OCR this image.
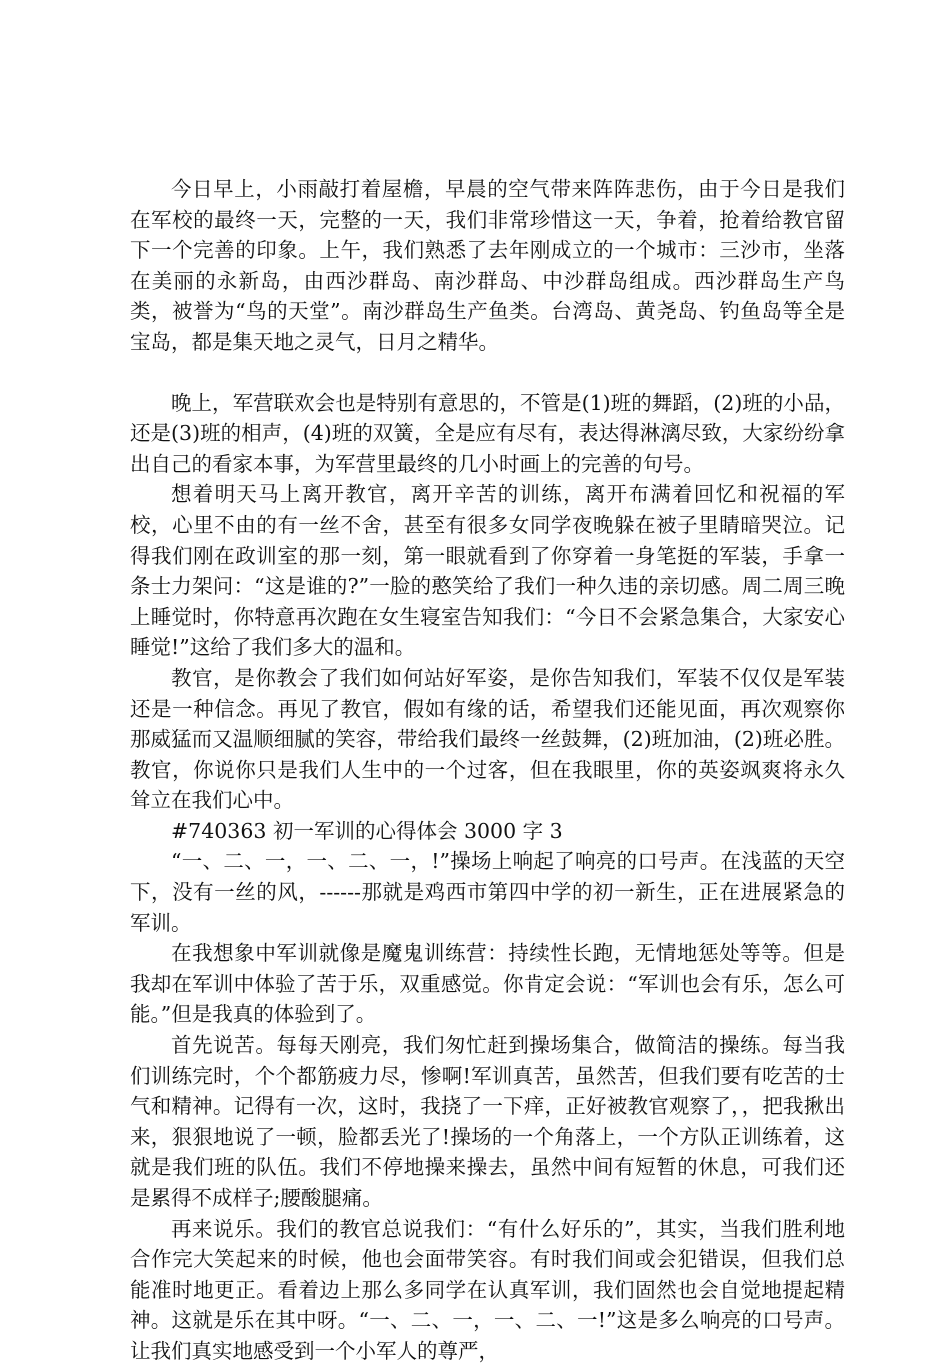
今日早上，小雨敲打着屋檐，早晨的空气带来阵阵悲伤，由于今日是我们在军校的最终一天，完整的一天，我们非常珍惜这一天，争着，抢着给教官留下一个完善的印象。上午，我们熟悉了去年刚成立的一个城市：三沙市，坐落在美丽的永新岛，由西沙群岛、南沙群岛、中沙群岛组成。西沙群岛生产鸟类，被誉为“鸟的天堂”。南沙群岛生产鱼类。台湾岛、黄尧岛、钓鱼岛等全是宝岛，都是集天地之灵气，日月之精华。

晚上，军营联欢会也是特别有意思的，不管是(1)班的舞蹈，(2)班的小品，还是(3)班的相声，(4)班的双簧，全是应有尽有，表达得淋漓尽致，大家纷纷拿出自己的看家本事，为军营里最终的几小时画上的完善的句号。

想着明天马上离开教官，离开辛苦的训练，离开布满着回忆和祝福的军校，心里不由的有一丝不舍，甚至有很多女同学夜晚躲在被子里睛暗哭泣。记得我们刚在政训室的那一刻，第一眼就看到了你穿着一身笔挺的军装，手拿一条士力架问：“这是谁的?”一脸的憨笑给了我们一种久违的亲切感。周二周三晚上睡觉时，你特意再次跑在女生寝室告知我们：“今日不会紧急集合，大家安心睡觉!”这给了我们多大的温和。

教官，是你教会了我们如何站好军姿，是你告知我们，军装不仅仅是军装还是一种信念。再见了教官，假如有缘的话，希望我们还能见面，再次观察你那威猛而又温顺细腻的笑容，带给我们最终一丝鼓舞，(2)班加油，(2)班必胜。教官，你说你只是我们人生中的一个过客，但在我眼里，你的英姿飒爽将永久耸立在我们心中。

#740363 初一军训的心得体会 3000 字 3

“一、二、一，一、二、一，!”操场上响起了响亮的口号声。在浅蓝的天空下，没有一丝的风，------那就是鸡西市第四中学的初一新生，正在进展紧急的军训。

在我想象中军训就像是魔鬼训练营：持续性长跑，无情地惩处等等。但是我却在军训中体验了苦于乐，双重感觉。你肯定会说：“军训也会有乐，怎么可能。”但是我真的体验到了。

首先说苦。每每天刚亮，我们匆忙赶到操场集合，做简洁的操练。每当我们训练完时，个个都筋疲力尽，惨啊!军训真苦，虽然苦，但我们要有吃苦的士气和精神。记得有一次，这时，我挠了一下痒，正好被教官观察了，，把我揪出来，狠狠地说了一顿，脸都丢光了!操场的一个角落上，一个方队正训练着，这就是我们班的队伍。我们不停地操来操去，虽然中间有短暂的休息，可我们还是累得不成样子;腰酸腿痛。

再来说乐。我们的教官总说我们：“有什么好乐的”，其实，当我们胜利地合作完大笑起来的时候，他也会面带笑容。有时我们间或会犯错误，但我们总能准时地更正。看着边上那么多同学在认真军训，我们固然也会自觉地提起精神。这就是乐在其中呀。“一、二、一，一、二、一!”这是多么响亮的口号声。让我们真实地感受到一个小军人的尊严，
